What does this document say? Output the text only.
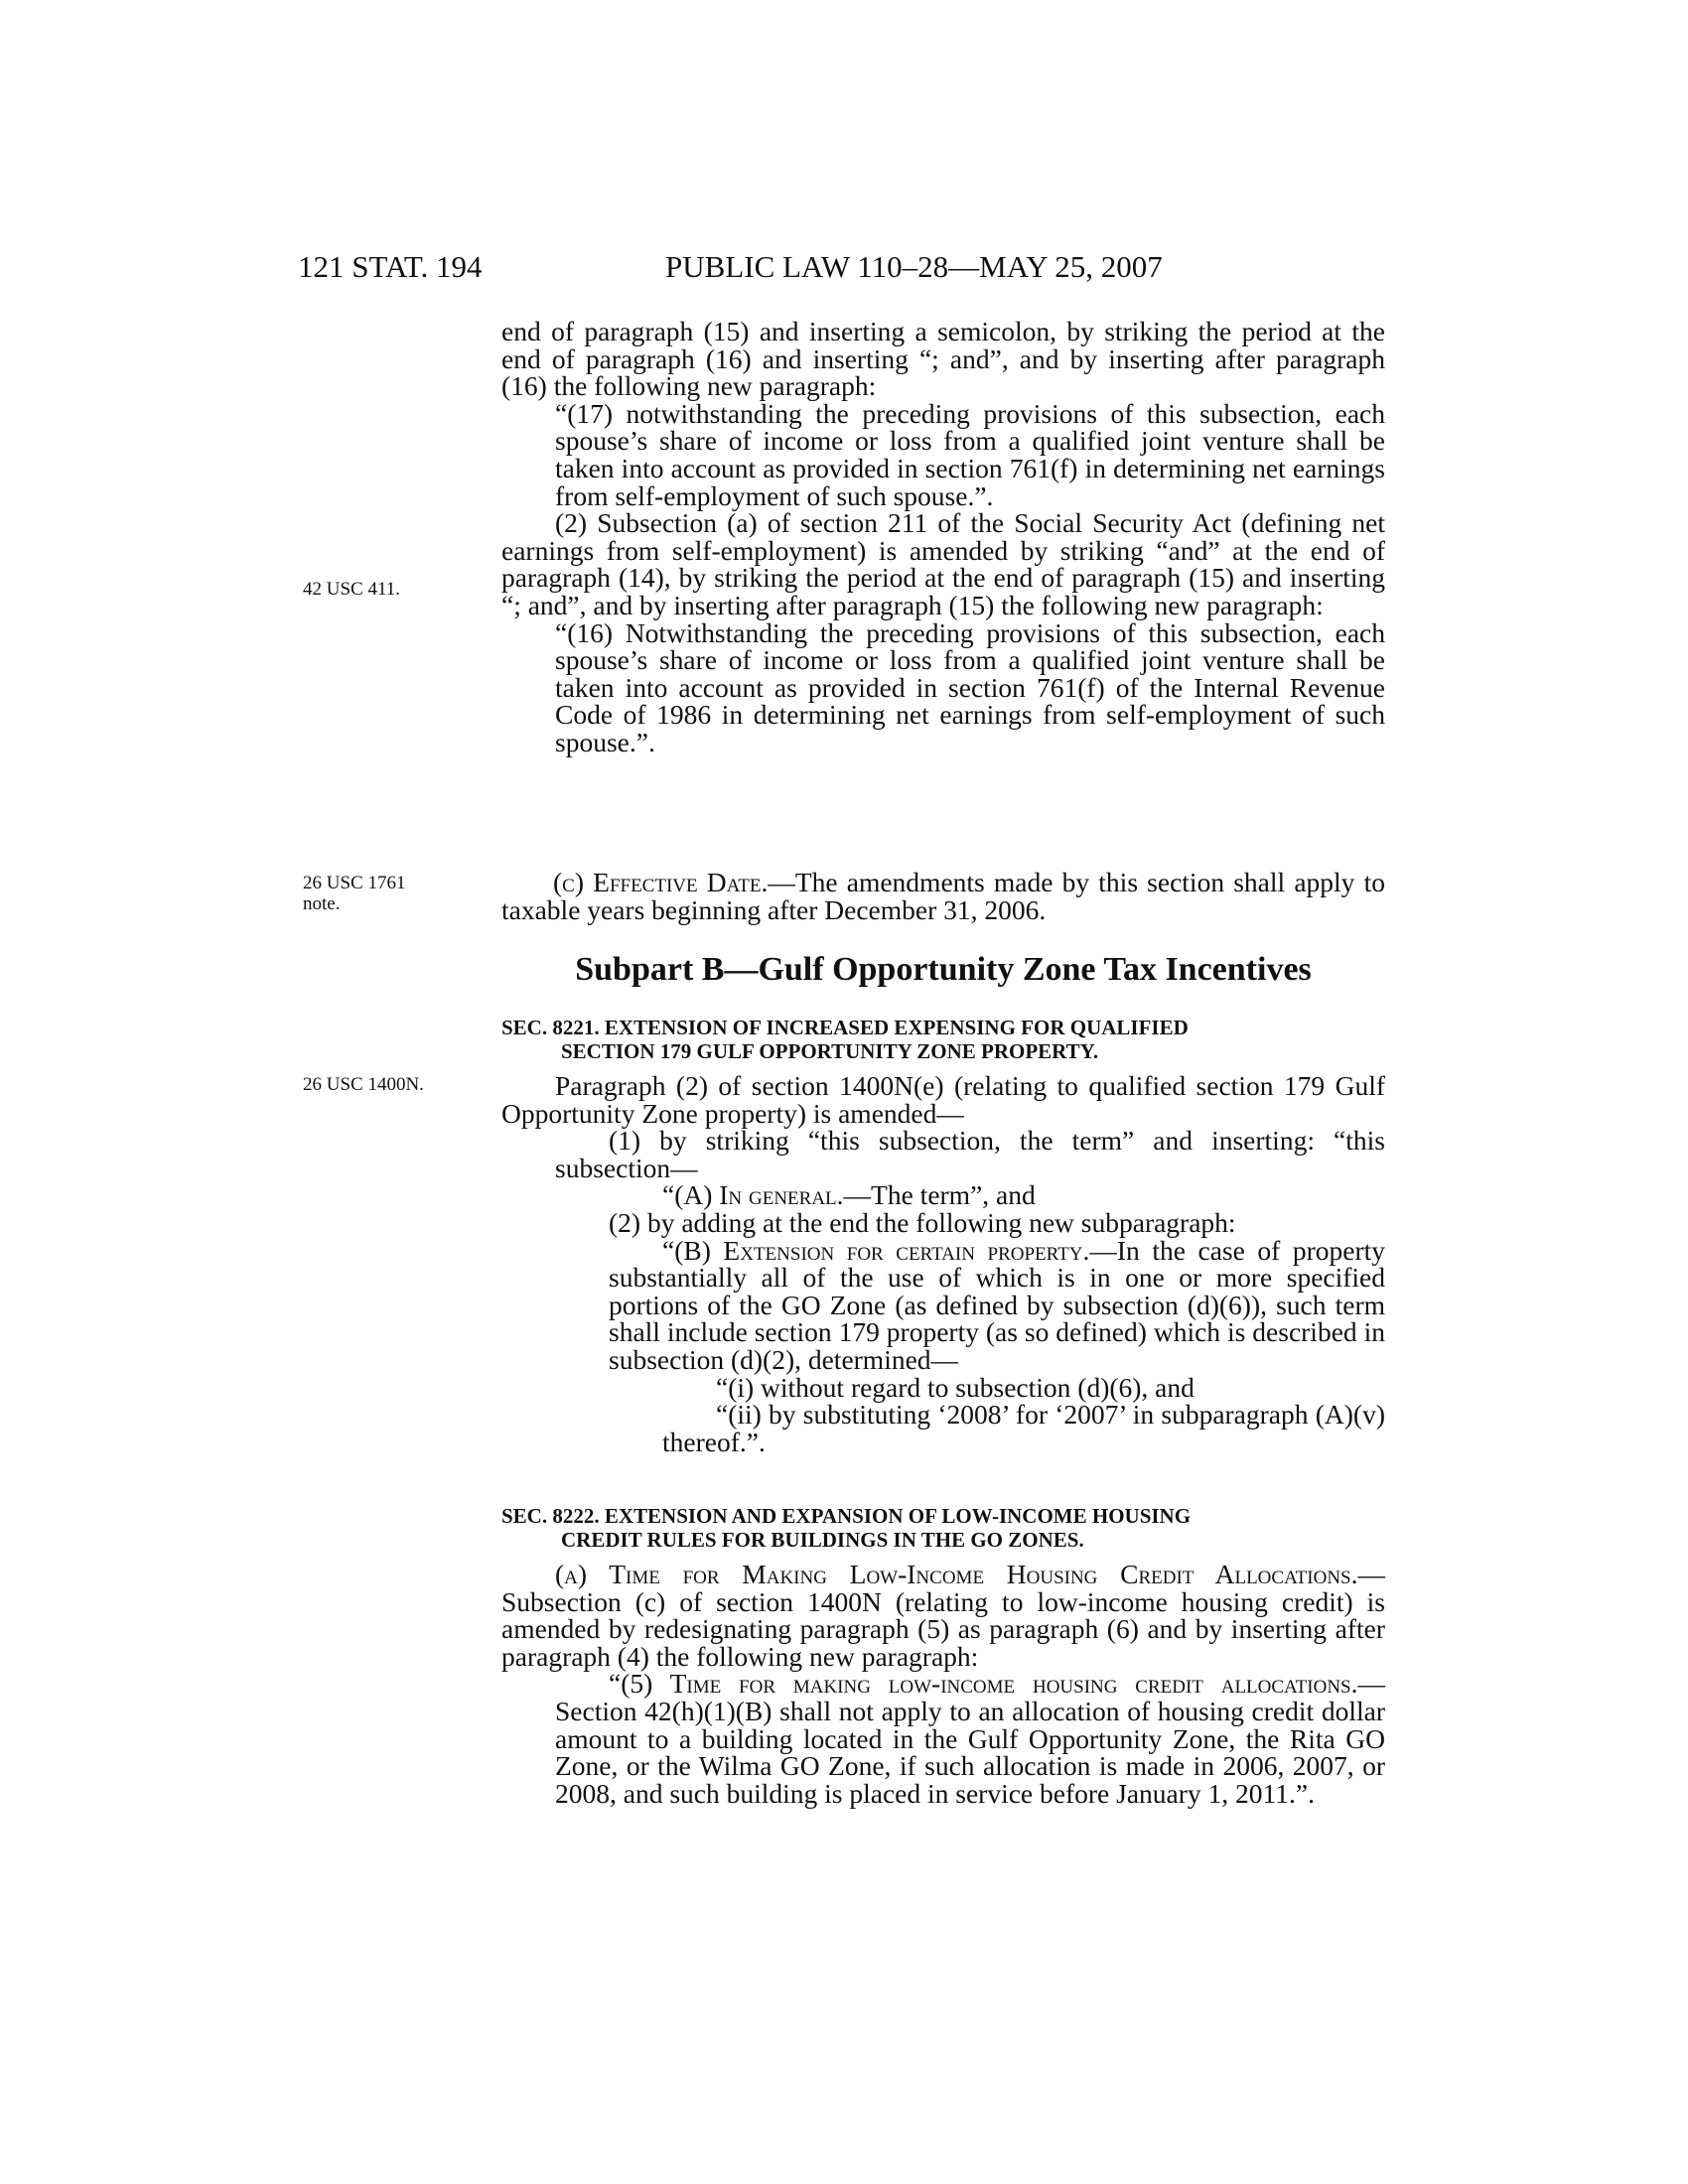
121 STAT. 194	PUBLIC LAW 110–28—MAY 25, 2007
42 USC 411.
26 USC 1761
note.
26 USC 1400N.

end of paragraph (15) and inserting a semicolon, by striking the period at the end of paragraph (16) and inserting “; and”, and by inserting after paragraph (16) the following new paragraph:

“(17) notwithstanding the preceding provisions of this subsection, each spouse’s share of income or loss from a qualified joint venture shall be taken into account as provided in section 761(f) in determining net earnings from self-employment of such spouse.”.

(2) Subsection (a) of section 211 of the Social Security Act (defining net earnings from self-employment) is amended by striking “and” at the end of paragraph (14), by striking the period at the end of paragraph (15) and inserting “; and”, and by inserting after paragraph (15) the following new paragraph:

“(16) Notwithstanding the preceding provisions of this subsection, each spouse’s share of income or loss from a qualified joint venture shall be taken into account as provided in section 761(f) of the Internal Revenue Code of 1986 in determining net earnings from self-employment of such spouse.”.

(c) Effective Date.—The amendments made by this section shall apply to taxable years beginning after December 31, 2006.

Subpart B—Gulf Opportunity Zone Tax Incentives
SEC. 8221. EXTENSION OF INCREASED EXPENSING FOR QUALIFIED
SECTION 179 GULF OPPORTUNITY ZONE PROPERTY.

Paragraph (2) of section 1400N(e) (relating to qualified section 179 Gulf Opportunity Zone property) is amended—

(1) by striking “this subsection, the term” and inserting: “this subsection—

“(A) In general.—The term”, and

(2) by adding at the end the following new subparagraph:

“(B) Extension for certain property.—In the case of property substantially all of the use of which is in one or more specified portions of the GO Zone (as defined by subsection (d)(6)), such term shall include section 179 property (as so defined) which is described in subsection (d)(2), determined—

“(i) without regard to subsection (d)(6), and

“(ii) by substituting ‘2008’ for ‘2007’ in subparagraph (A)(v) thereof.”.

SEC. 8222. EXTENSION AND EXPANSION OF LOW-INCOME HOUSING
CREDIT RULES FOR BUILDINGS IN THE GO ZONES.

(a) Time for Making Low-Income Housing Credit Allocations.—Subsection (c) of section 1400N (relating to low-income housing credit) is amended by redesignating paragraph (5) as paragraph (6) and by inserting after paragraph (4) the following new paragraph:

“(5) Time for making low-income housing credit allocations.—Section 42(h)(1)(B) shall not apply to an allocation of housing credit dollar amount to a building located in the Gulf Opportunity Zone, the Rita GO Zone, or the Wilma GO Zone, if such allocation is made in 2006, 2007, or 2008, and such building is placed in service before January 1, 2011.”.
